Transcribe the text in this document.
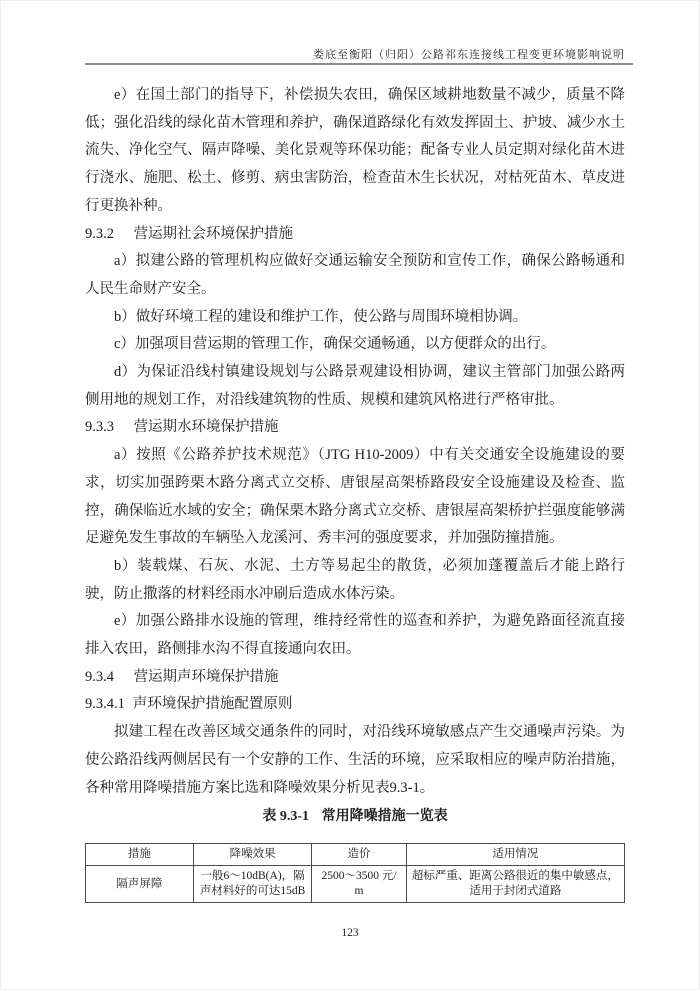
娄底至衡阳（归阳）公路祁东连接线工程变更环境影响说明

e）在国土部门的指导下，补偿损失农田，确保区域耕地数量不减少，质量不降低；强化沿线的绿化苗木管理和养护，确保道路绿化有效发挥固土、护坡、减少水土流失、净化空气、隔声降噪、美化景观等环保功能；配备专业人员定期对绿化苗木进行浇水、施肥、松土、修剪、病虫害防治，检查苗木生长状况，对枯死苗木、草皮进行更换补种。

9.3.2 营运期社会环境保护措施

a）拟建公路的管理机构应做好交通运输安全预防和宣传工作，确保公路畅通和人民生命财产安全。

b）做好环境工程的建设和维护工作，使公路与周围环境相协调。

c）加强项目营运期的管理工作，确保交通畅通，以方便群众的出行。

d）为保证沿线村镇建设规划与公路景观建设相协调，建议主管部门加强公路两侧用地的规划工作，对沿线建筑物的性质、规模和建筑风格进行严格审批。

9.3.3 营运期水环境保护措施

a）按照《公路养护技术规范》（JTG H10-2009）中有关交通安全设施建设的要求，切实加强跨栗木路分离式立交桥、唐银屋高架桥路段安全设施建设及检查、监控，确保临近水域的安全；确保栗木路分离式立交桥、唐银屋高架桥护拦强度能够满足避免发生事故的车辆坠入龙溪河、秀丰河的强度要求，并加强防撞措施。

b）装载煤、石灰、水泥、土方等易起尘的散货，必须加蓬覆盖后才能上路行驶，防止撒落的材料经雨水冲刷后造成水体污染。

e）加强公路排水设施的管理，维持经常性的巡查和养护，为避免路面径流直接排入农田，路侧排水沟不得直接通向农田。

9.3.4 营运期声环境保护措施

9.3.4.1 声环境保护措施配置原则

拟建工程在改善区域交通条件的同时，对沿线环境敏感点产生交通噪声污染。为使公路沿线两侧居民有一个安静的工作、生活的环境，应采取相应的噪声防治措施，各种常用降噪措施方案比选和降噪效果分析见表9.3-1。

表 9.3-1 常用降噪措施一览表

措施	降噪效果	造价	适用情况
隔声屏障	一般6～10dB(A)，隔声材料好的可达15dB	2500～3500 元/m	超标严重、距离公路很近的集中敏感点，适用于封闭式道路
123
